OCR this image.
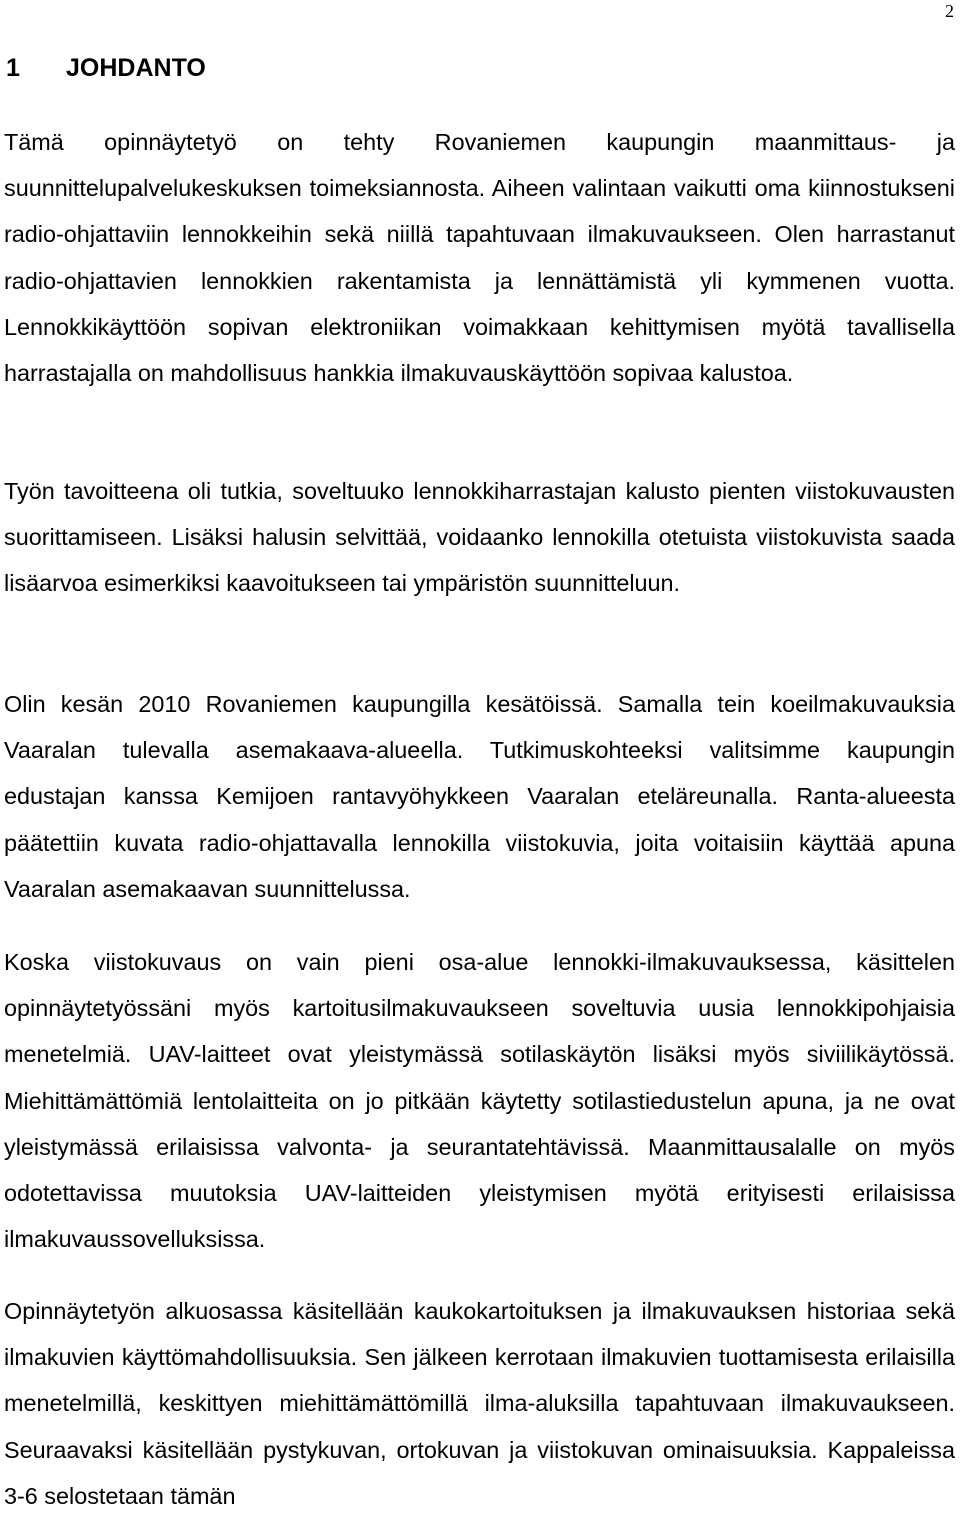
2
1 JOHDANTO

Tämä opinnäytetyö on tehty Rovaniemen kaupungin maanmittaus- ja suunnittelupalvelukeskuksen toimeksiannosta. Aiheen valintaan vaikutti oma kiinnostukseni radio-ohjattaviin lennokkeihin sekä niillä tapahtuvaan ilmakuvaukseen. Olen harrastanut radio-ohjattavien lennokkien rakentamista ja lennättämistä yli kymmenen vuotta. Lennokkikäyttöön sopivan elektroniikan voimakkaan kehittymisen myötä tavallisella harrastajalla on mahdollisuus hankkia ilmakuvauskäyttöön sopivaa kalustoa.

Työn tavoitteena oli tutkia, soveltuuko lennokkiharrastajan kalusto pienten viistokuvausten suorittamiseen. Lisäksi halusin selvittää, voidaanko lennokilla otetuista viistokuvista saada lisäarvoa esimerkiksi kaavoitukseen tai ympäristön suunnitteluun.

Olin kesän 2010 Rovaniemen kaupungilla kesätöissä. Samalla tein koeilmakuvauksia Vaaralan tulevalla asemakaava-alueella. Tutkimuskohteeksi valitsimme kaupungin edustajan kanssa Kemijoen rantavyöhykkeen Vaaralan eteläreunalla. Ranta-alueesta päätettiin kuvata radio-ohjattavalla lennokilla viistokuvia, joita voitaisiin käyttää apuna Vaaralan asemakaavan suunnittelussa.

Koska viistokuvaus on vain pieni osa-alue lennokki-ilmakuvauksessa, käsittelen opinnäytetyössäni myös kartoitusilmakuvaukseen soveltuvia uusia lennokkipohjaisia menetelmiä. UAV-laitteet ovat yleistymässä sotilaskäytön lisäksi myös siviilikäytössä. Miehittämättömiä lentolaitteita on jo pitkään käytetty sotilastiedustelun apuna, ja ne ovat yleistymässä erilaisissa valvonta- ja seurantatehtävissä. Maanmittausalalle on myös odotettavissa muutoksia UAV-laitteiden yleistymisen myötä erityisesti erilaisissa ilmakuvaussovelluksissa.

Opinnäytetyön alkuosassa käsitellään kaukokartoituksen ja ilmakuvauksen historiaa sekä ilmakuvien käyttömahdollisuuksia. Sen jälkeen kerrotaan ilmakuvien tuottamisesta erilaisilla menetelmillä, keskittyen miehittämättömillä ilma-aluksilla tapahtuvaan ilmakuvaukseen. Seuraavaksi käsitellään pystykuvan, ortokuvan ja viistokuvan ominaisuuksia. Kappaleissa 3-6 selostetaan tämän
